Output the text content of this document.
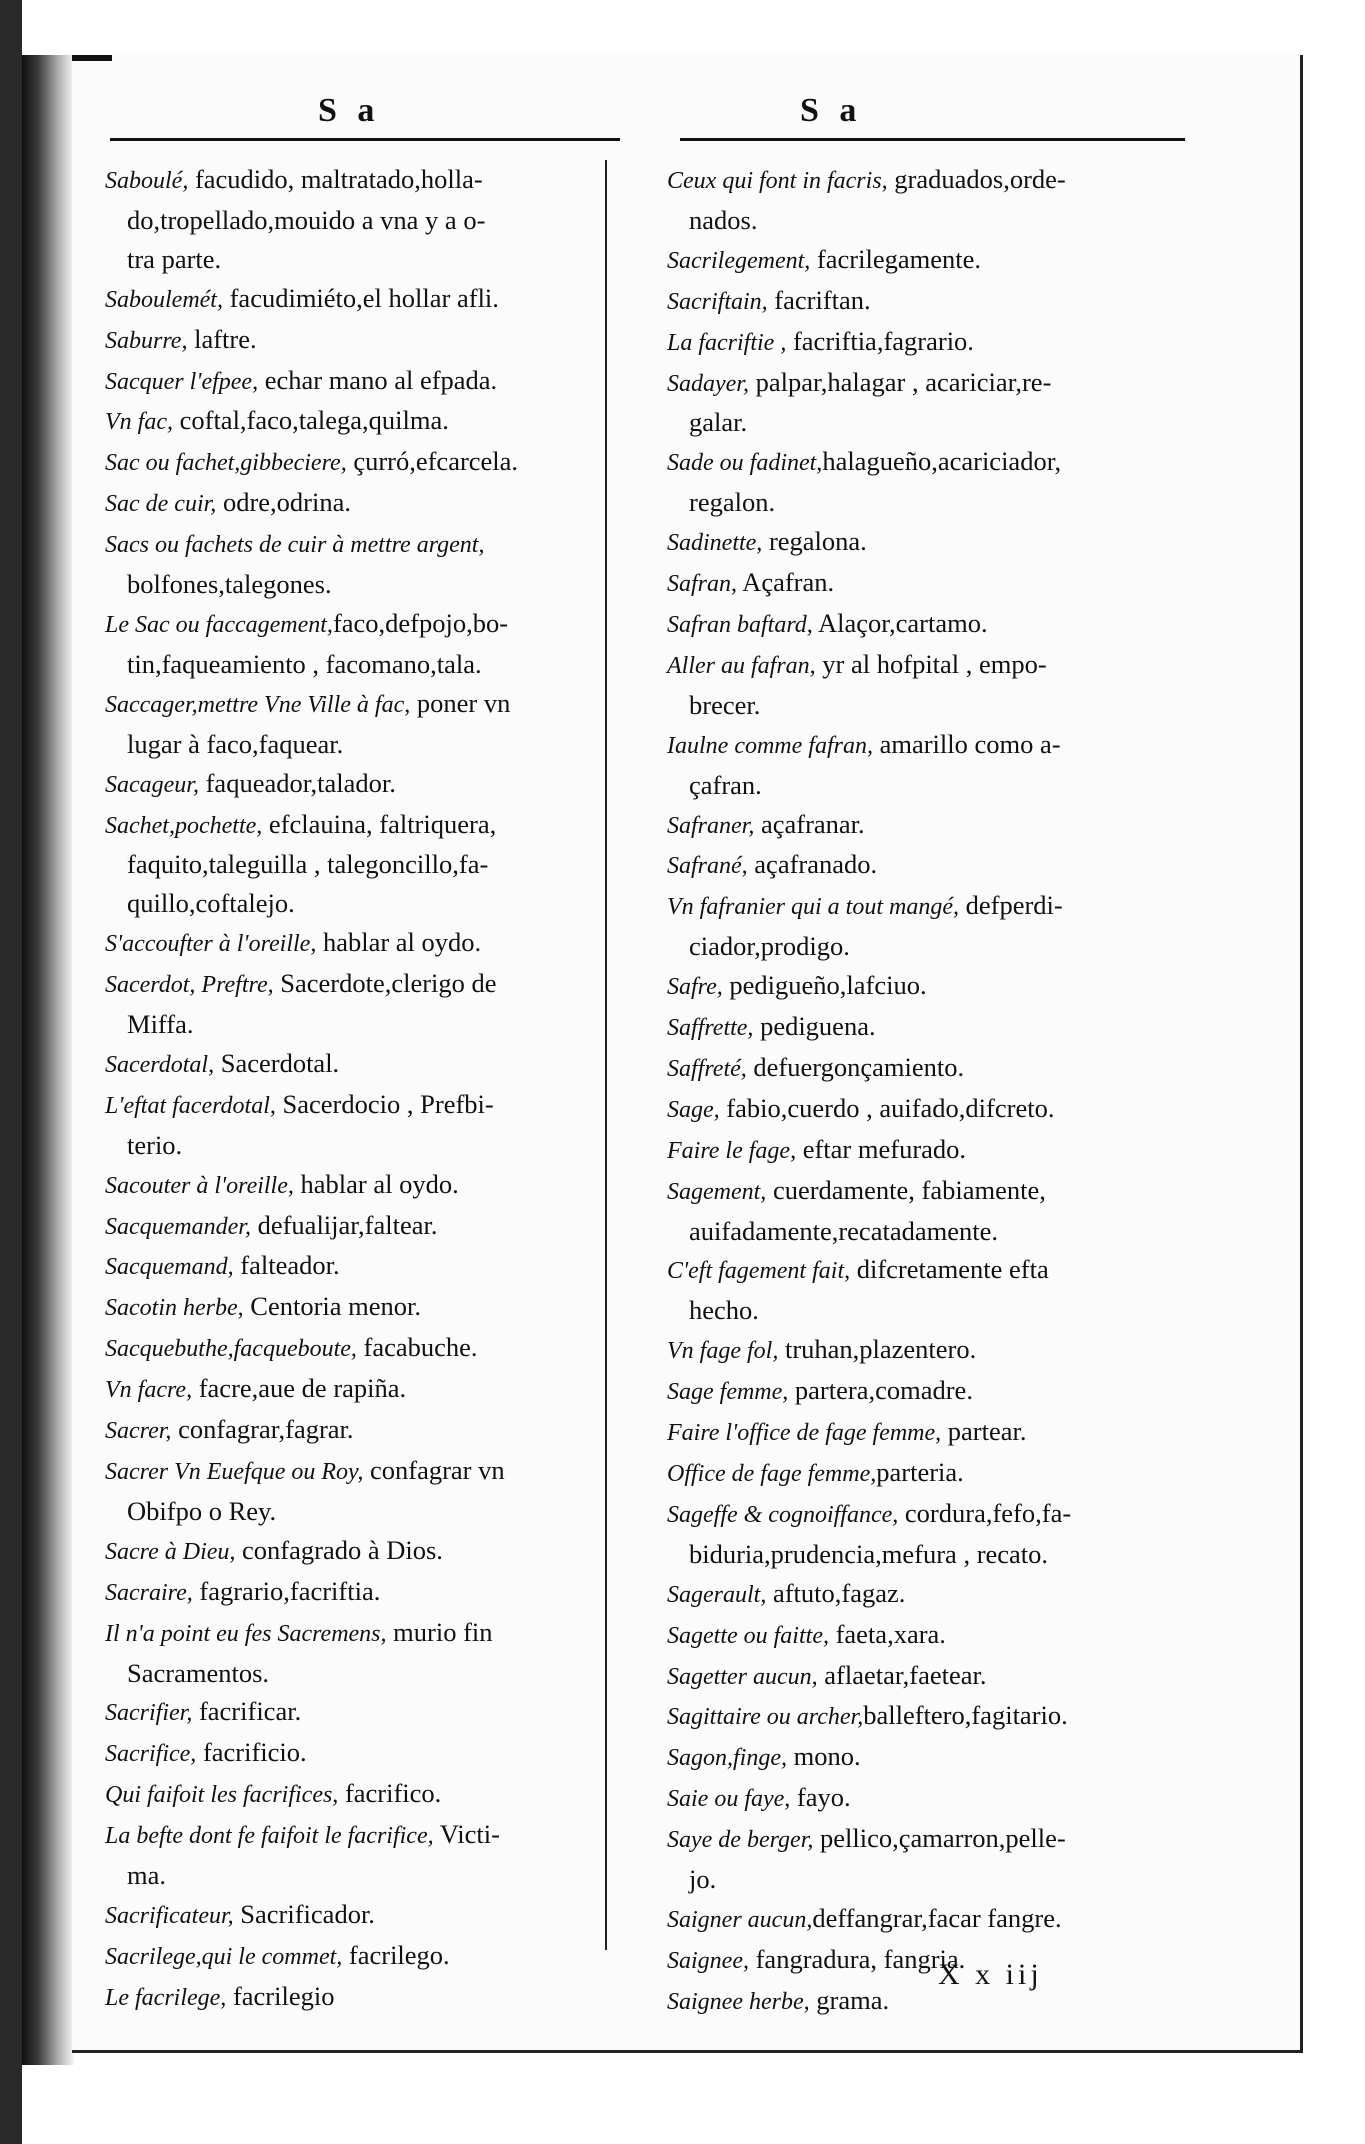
S a	S a
Saboulé, facudido, maltratado,holla-
do,tropellado,mouido a vna y a o-
tra parte.
Saboulemét, facudimiéto,el hollar afli.
Saburre, laftre.
Sacquer l'efpee, echar mano al efpada.
Vn fac, coftal,faco,talega,quilma.
Sac ou fachet,gibbeciere, çurró,efcarcela.
Sac de cuir, odre,odrina.
Sacs ou fachets de cuir à mettre argent,
bolfones,talegones.
Le Sac ou faccagement,faco,defpojo,bo-
tin,faqueamiento , facomano,tala.
Saccager,mettre Vne Ville à fac, poner vn
lugar à faco,faquear.
Sacageur, faqueador,talador.
Sachet,pochette, efclauina, faltriquera,
faquito,taleguilla , talegoncillo,fa-
quillo,coftalejo.
S'accoufter à l'oreille, hablar al oydo.
Sacerdot, Preftre, Sacerdote,clerigo de
Miffa.
Sacerdotal, Sacerdotal.
L'eftat facerdotal, Sacerdocio , Prefbi-
terio.
Sacouter à l'oreille, hablar al oydo.
Sacquemander, defualijar,faltear.
Sacquemand, falteador.
Sacotin herbe, Centoria menor.
Sacquebuthe,facqueboute, facabuche.
Vn facre, facre,aue de rapiña.
Sacrer, confagrar,fagrar.
Sacrer Vn Euefque ou Roy, confagrar vn
Obifpo o Rey.
Sacre à Dieu, confagrado à Dios.
Sacraire, fagrario,facriftia.
Il n'a point eu fes Sacremens, murio fin
Sacramentos.
Sacrifier, facrificar.
Sacrifice, facrificio.
Qui faifoit les facrifices, facrifico.
La befte dont fe faifoit le facrifice, Victi-
ma.
Sacrificateur, Sacrificador.
Sacrilege,qui le commet, facrilego.
Le facrilege, facrilegio
Ceux qui font in facris, graduados,orde-
nados.
Sacrilegement, facrilegamente.
Sacriftain, facriftan.
La facriftie , facriftia,fagrario.
Sadayer, palpar,halagar , acariciar,re-
galar.
Sade ou fadinet,halagueño,acariciador,
regalon.
Sadinette, regalona.
Safran, Açafran.
Safran baftard, Alaçor,cartamo.
Aller au fafran, yr al hofpital , empo-
brecer.
Iaulne comme fafran, amarillo como a-
çafran.
Safraner, açafranar.
Safrané, açafranado.
Vn fafranier qui a tout mangé, defperdi-
ciador,prodigo.
Safre, pedigueño,lafciuo.
Saffrette, pediguena.
Saffreté, defuergonçamiento.
Sage, fabio,cuerdo , auifado,difcreto.
Faire le fage, eftar mefurado.
Sagement, cuerdamente, fabiamente,
auifadamente,recatadamente.
C'eft fagement fait, difcretamente efta
hecho.
Vn fage fol, truhan,plazentero.
Sage femme, partera,comadre.
Faire l'office de fage femme, partear.
Office de fage femme,parteria.
Sageffe & cognoiffance, cordura,fefo,fa-
biduria,prudencia,mefura , recato.
Sagerault, aftuto,fagaz.
Sagette ou faitte, faeta,xara.
Sagetter aucun, aflaetar,faetear.
Sagittaire ou archer,balleftero,fagitario.
Sagon,finge, mono.
Saie ou faye, fayo.
Saye de berger, pellico,çamarron,pelle-
jo.
Saigner aucun,deffangrar,facar fangre.
Saignee, fangradura, fangria.
Saignee herbe, grama.
X x iij
